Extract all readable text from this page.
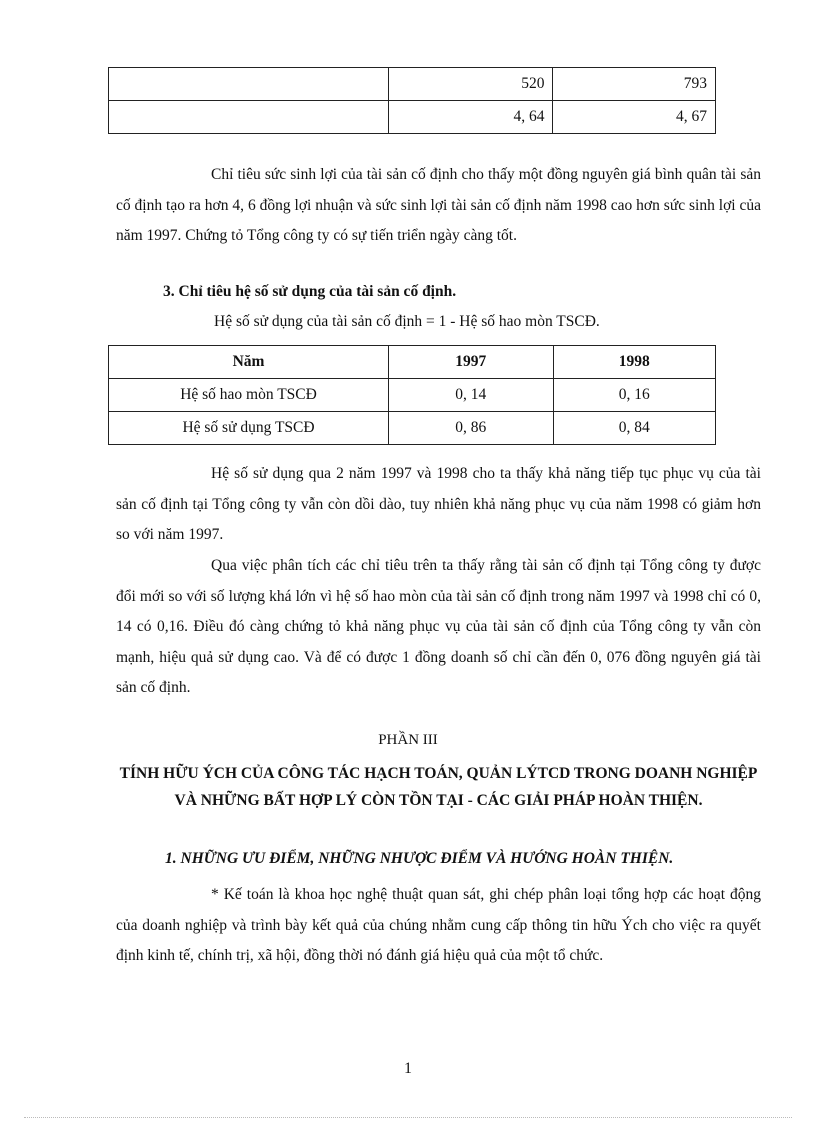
	520	793
	4, 64	4, 67

Chỉ tiêu sức sinh lợi của tài sản cố định cho thấy một đồng nguyên giá bình quân tài sản cố định tạo ra hơn 4, 6 đồng lợi nhuận và sức sinh lợi tài sản cố định năm 1998 cao hơn sức sinh lợi của năm 1997. Chứng tỏ Tổng công ty có sự tiến triển ngày càng tốt.

3. Chỉ tiêu hệ số sử dụng của tài sản cố định.

Hệ số sử dụng của tài sản cố định = 1 - Hệ số hao mòn TSCĐ.

Năm	1997	1998
Hệ số hao mòn TSCĐ	0, 14	0, 16
Hệ số sử dụng TSCĐ	0, 86	0, 84

Hệ số sử dụng qua 2 năm 1997 và 1998 cho ta thấy khả năng tiếp tục phục vụ của tài sản cố định tại Tổng công ty vẫn còn dồi dào, tuy nhiên khả năng phục vụ của năm 1998 có giảm hơn so với năm 1997.

Qua việc phân tích các chỉ tiêu trên ta thấy rằng tài sản cố định tại Tổng công ty được đổi mới so với số lượng khá lớn vì hệ số hao mòn của tài sản cố định trong năm 1997 và 1998 chỉ có 0, 14 có 0,16. Điều đó càng chứng tỏ khả năng phục vụ của tài sản cố định của Tổng công ty vẫn còn mạnh, hiệu quả sử dụng cao. Và để có được 1 đồng doanh số chỉ cần đến 0, 076 đồng nguyên giá tài sản cố định.

PHẦN III

TÍNH HỮU ÝCH CỦA CÔNG TÁC HẠCH TOÁN, QUẢN LÝTCD TRONG DOANH NGHIỆP VÀ NHỮNG BẤT HỢP LÝ CÒN TỒN TẠI - CÁC GIẢI PHÁP HOÀN THIỆN.

1. NHỮNG ƯU ĐIỂM, NHỮNG NHƯỢC ĐIỂM VÀ HƯỚNG HOÀN THIỆN.

* Kế toán là khoa học nghệ thuật quan sát, ghi chép phân loại tổng hợp các hoạt động của doanh nghiệp và trình bày kết quả của chúng nhằm cung cấp thông tin hữu Ých cho việc ra quyết định kinh tế, chính trị, xã hội, đồng thời nó đánh giá hiệu quả của một tổ chức.

1
